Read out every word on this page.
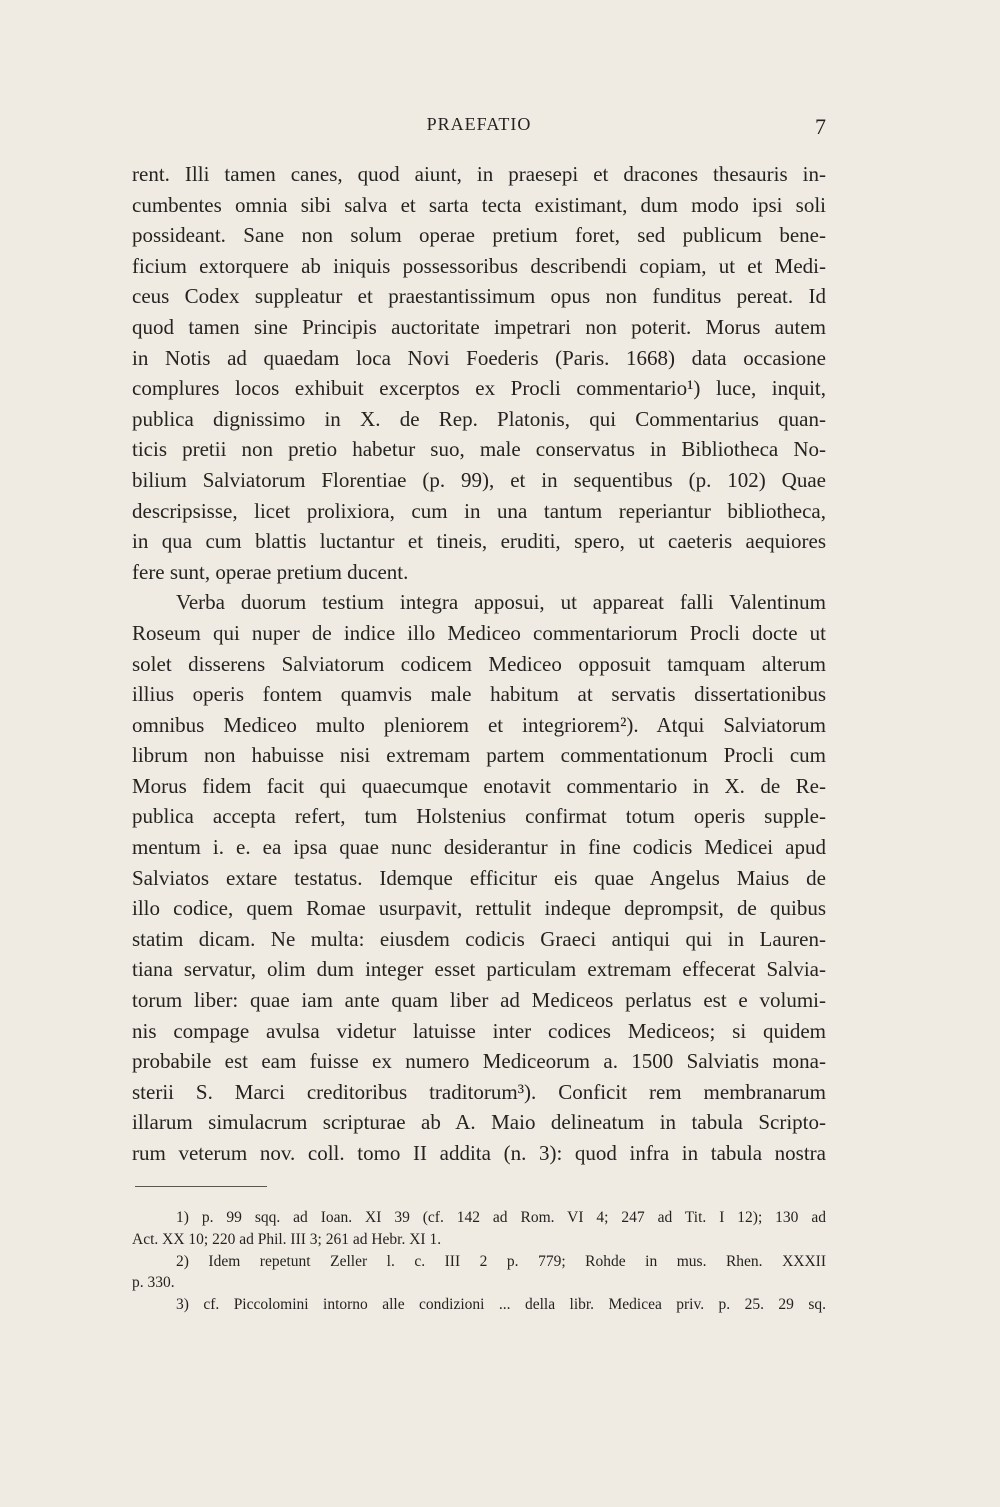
PRAEFATIO	7
rent. Illi tamen canes, quod aiunt, in praesepi et dracones thesauris in-
cumbentes omnia sibi salva et sarta tecta existimant, dum modo ipsi soli
possideant. Sane non solum operae pretium foret, sed publicum bene-
ficium extorquere ab iniquis possessoribus describendi copiam, ut et Medi-
ceus Codex suppleatur et praestantissimum opus non funditus pereat. Id
quod tamen sine Principis auctoritate impetrari non poterit. Morus autem
in Notis ad quaedam loca Novi Foederis (Paris. 1668) data occasione
complures locos exhibuit excerptos ex Procli commentario¹) luce, inquit,
publica dignissimo in X. de Rep. Platonis, qui Commentarius quan-
ticis pretii non pretio habetur suo, male conservatus in Bibliotheca No-
bilium Salviatorum Florentiae (p. 99), et in sequentibus (p. 102) Quae
descripsisse, licet prolixiora, cum in una tantum reperiantur bibliotheca,
in qua cum blattis luctantur et tineis, eruditi, spero, ut caeteris aequiores
fere sunt, operae pretium ducent.
Verba duorum testium integra apposui, ut appareat falli Valentinum
Roseum qui nuper de indice illo Mediceo commentariorum Procli docte ut
solet disserens Salviatorum codicem Mediceo opposuit tamquam alterum
illius operis fontem quamvis male habitum at servatis dissertationibus
omnibus Mediceo multo pleniorem et integriorem²). Atqui Salviatorum
librum non habuisse nisi extremam partem commentationum Procli cum
Morus fidem facit qui quaecumque enotavit commentario in X. de Re-
publica accepta refert, tum Holstenius confirmat totum operis supple-
mentum i. e. ea ipsa quae nunc desiderantur in fine codicis Medicei apud
Salviatos extare testatus. Idemque efficitur eis quae Angelus Maius de
illo codice, quem Romae usurpavit, rettulit indeque deprompsit, de quibus
statim dicam. Ne multa: eiusdem codicis Graeci antiqui qui in Lauren-
tiana servatur, olim dum integer esset particulam extremam effecerat Salvia-
torum liber: quae iam ante quam liber ad Mediceos perlatus est e volumi-
nis compage avulsa videtur latuisse inter codices Mediceos; si quidem
probabile est eam fuisse ex numero Mediceorum a. 1500 Salviatis mona-
sterii S. Marci creditoribus traditorum³). Conficit rem membranarum
illarum simulacrum scripturae ab A. Maio delineatum in tabula Scripto-
rum veterum nov. coll. tomo II addita (n. 3): quod infra in tabula nostra
1) p. 99 sqq. ad Ioan. XI 39 (cf. 142 ad Rom. VI 4; 247 ad Tit. I 12); 130 ad
Act. XX 10; 220 ad Phil. III 3; 261 ad Hebr. XI 1.
2) Idem repetunt Zeller l. c. III 2 p. 779; Rohde in mus. Rhen. XXXII
p. 330.
3) cf. Piccolomini intorno alle condizioni ... della libr. Medicea priv. p. 25. 29 sq.
